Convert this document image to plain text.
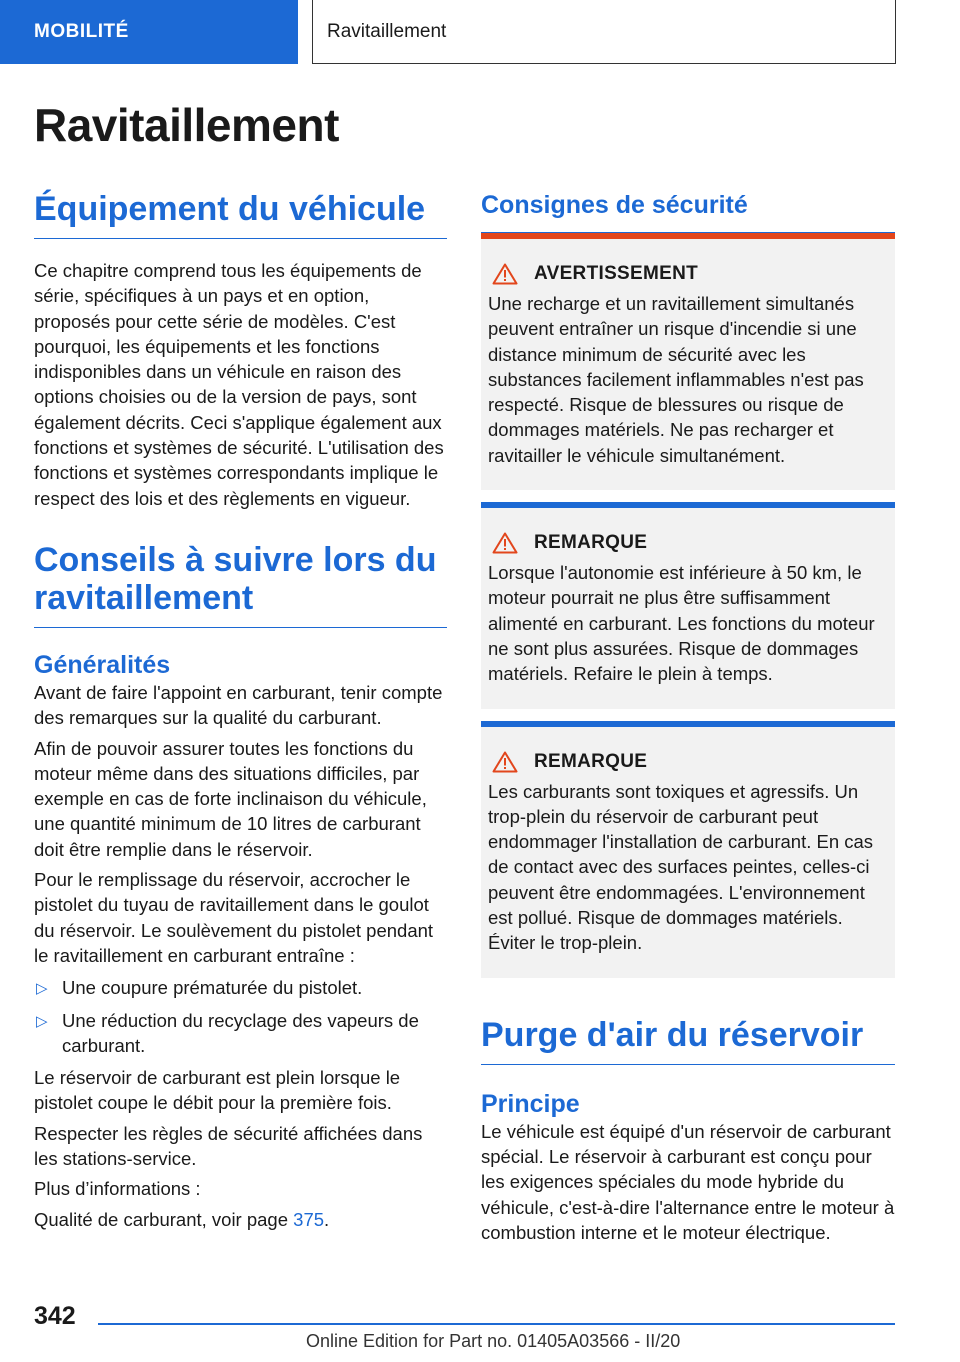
MOBILITÉ	Ravitaillement
Ravitaillement
Équipement du véhicule

Ce chapitre comprend tous les équipements de série, spécifiques à un pays et en option, proposés pour cette série de modèles. C'est pourquoi, les équipements et les fonctions indisponibles dans un véhicule en raison des options choisies ou de la version de pays, sont également décrits. Ceci s'applique également aux fonctions et systèmes de sécurité. L'utilisation des fonctions et systèmes correspondants implique le respect des lois et des règlements en vigueur.

Conseils à suivre lors du ravitaillement
Généralités

Avant de faire l'appoint en carburant, tenir compte des remarques sur la qualité du carburant.

Afin de pouvoir assurer toutes les fonctions du moteur même dans des situations difficiles, par exemple en cas de forte inclinaison du véhicule, une quantité minimum de 10 litres de carburant doit être remplie dans le réservoir.

Pour le remplissage du réservoir, accrocher le pistolet du tuyau de ravitaillement dans le goulot du réservoir. Le soulèvement du pistolet pendant le ravitaillement en carburant entraîne :

▷ Une coupure prématurée du pistolet.
▷ Une réduction du recyclage des vapeurs de carburant.

Le réservoir de carburant est plein lorsque le pistolet coupe le débit pour la première fois.

Respecter les règles de sécurité affichées dans les stations-service.

Plus d’informations :

Qualité de carburant, voir page 375.

Consignes de sécurité
AVERTISSEMENT

Une recharge et un ravitaillement simultanés peuvent entraîner un risque d'incendie si une distance minimum de sécurité avec les substances facilement inflammables n'est pas respecté. Risque de blessures ou risque de dommages matériels. Ne pas recharger et ravitailler le véhicule simultanément.

REMARQUE

Lorsque l'autonomie est inférieure à 50 km, le moteur pourrait ne plus être suffisamment alimenté en carburant. Les fonctions du moteur ne sont plus assurées. Risque de dommages matériels. Refaire le plein à temps.

REMARQUE

Les carburants sont toxiques et agressifs. Un trop-plein du réservoir de carburant peut endommager l'installation de carburant. En cas de contact avec des surfaces peintes, celles-ci peuvent être endommagées. L'environnement est pollué. Risque de dommages matériels. Éviter le trop-plein.

Purge d'air du réservoir
Principe

Le véhicule est équipé d'un réservoir de carburant spécial. Le réservoir à carburant est conçu pour les exigences spéciales du mode hybride du véhicule, c'est-à-dire l'alternance entre le moteur à combustion interne et le moteur électrique.

342
Online Edition for Part no. 01405A03566 - II/20
